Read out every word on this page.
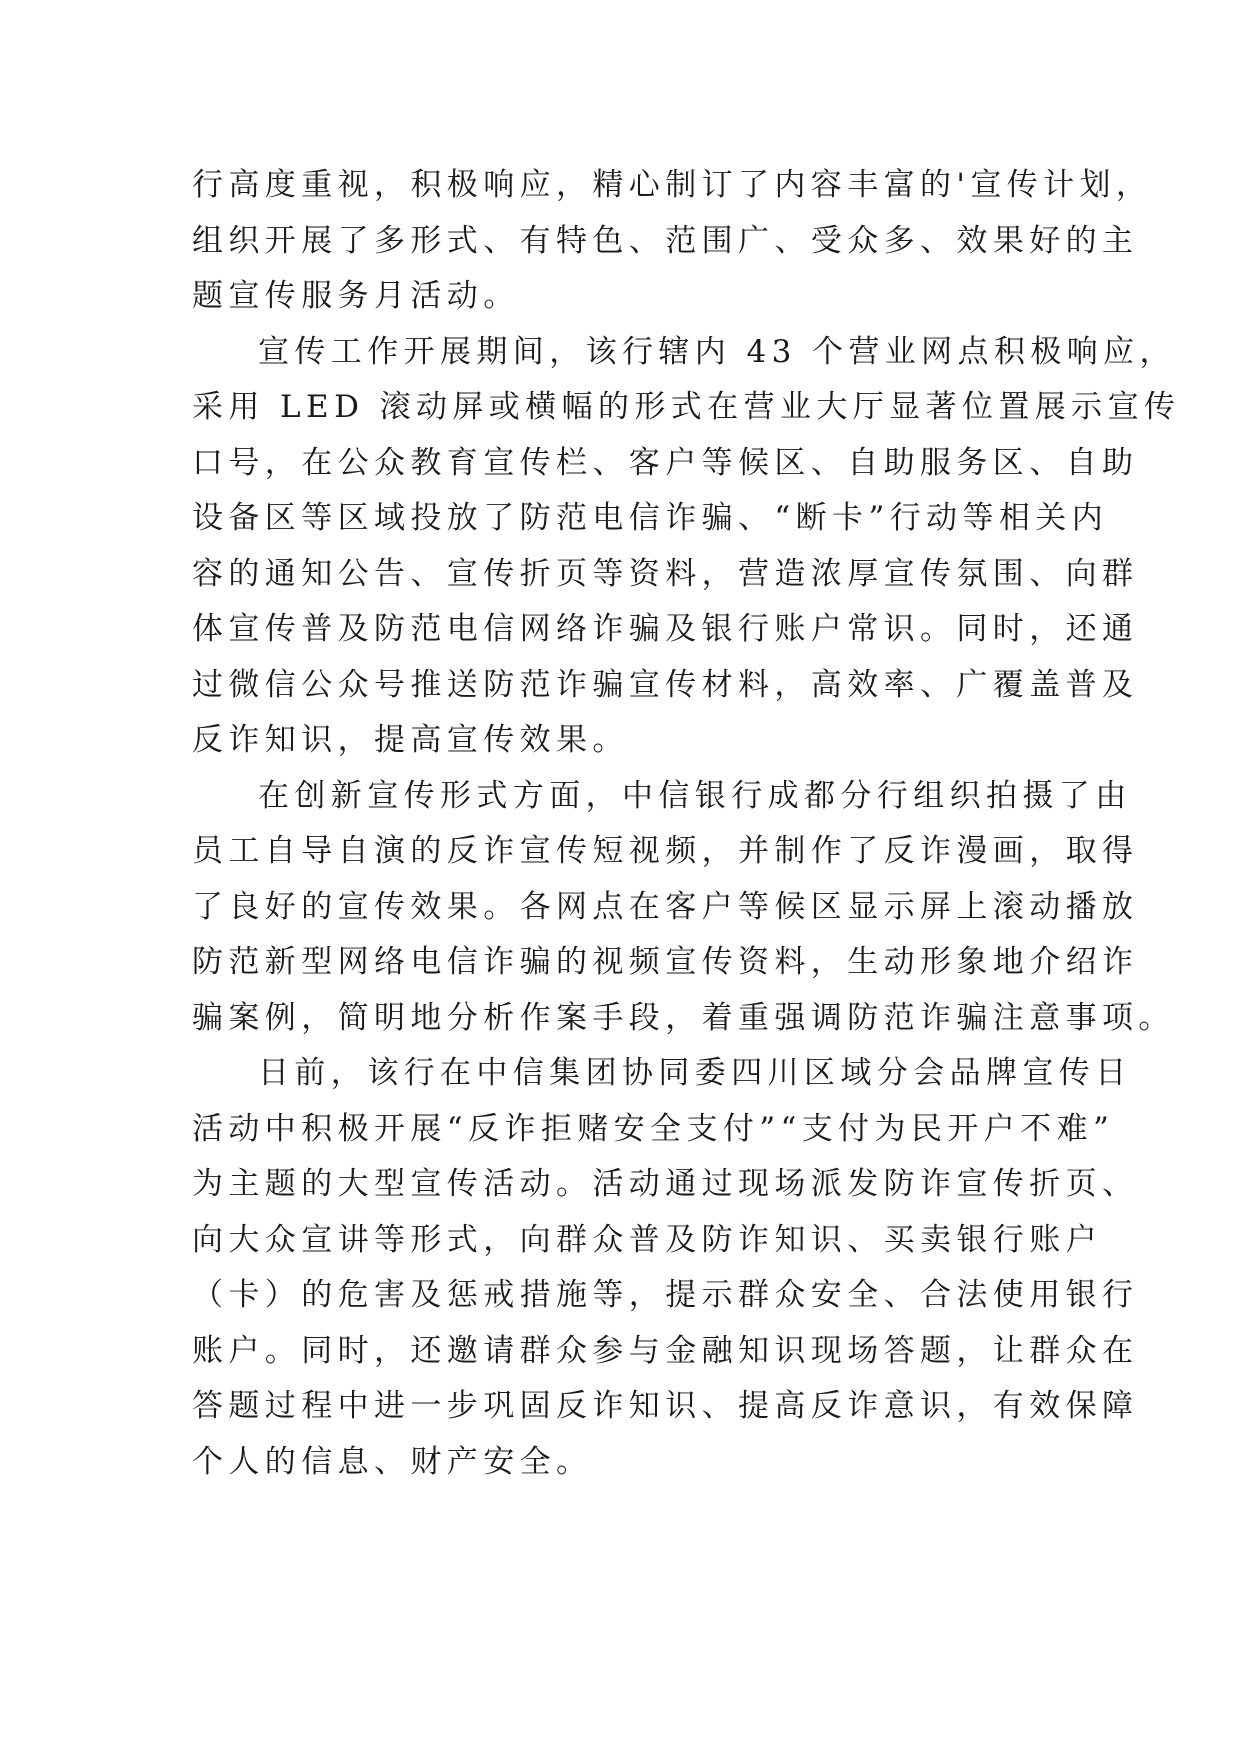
行高度重视，积极响应，精心制订了内容丰富的'宣传计划，
组织开展了多形式、有特色、范围广、受众多、效果好的主
题宣传服务月活动。
宣传工作开展期间，该行辖内 43 个营业网点积极响应，
采用 LED 滚动屏或横幅的形式在营业大厅显著位置展示宣传
口号，在公众教育宣传栏、客户等候区、自助服务区、自助
设备区等区域投放了防范电信诈骗、“断卡”行动等相关内
容的通知公告、宣传折页等资料，营造浓厚宣传氛围、向群
体宣传普及防范电信网络诈骗及银行账户常识。同时，还通
过微信公众号推送防范诈骗宣传材料，高效率、广覆盖普及
反诈知识，提高宣传效果。
在创新宣传形式方面，中信银行成都分行组织拍摄了由
员工自导自演的反诈宣传短视频，并制作了反诈漫画，取得
了良好的宣传效果。各网点在客户等候区显示屏上滚动播放
防范新型网络电信诈骗的视频宣传资料，生动形象地介绍诈
骗案例，简明地分析作案手段，着重强调防范诈骗注意事项。
日前，该行在中信集团协同委四川区域分会品牌宣传日
活动中积极开展“反诈拒赌安全支付”“支付为民开户不难”
为主题的大型宣传活动。活动通过现场派发防诈宣传折页、
向大众宣讲等形式，向群众普及防诈知识、买卖银行账户
（卡）的危害及惩戒措施等，提示群众安全、合法使用银行
账户。同时，还邀请群众参与金融知识现场答题，让群众在
答题过程中进一步巩固反诈知识、提高反诈意识，有效保障
个人的信息、财产安全。
